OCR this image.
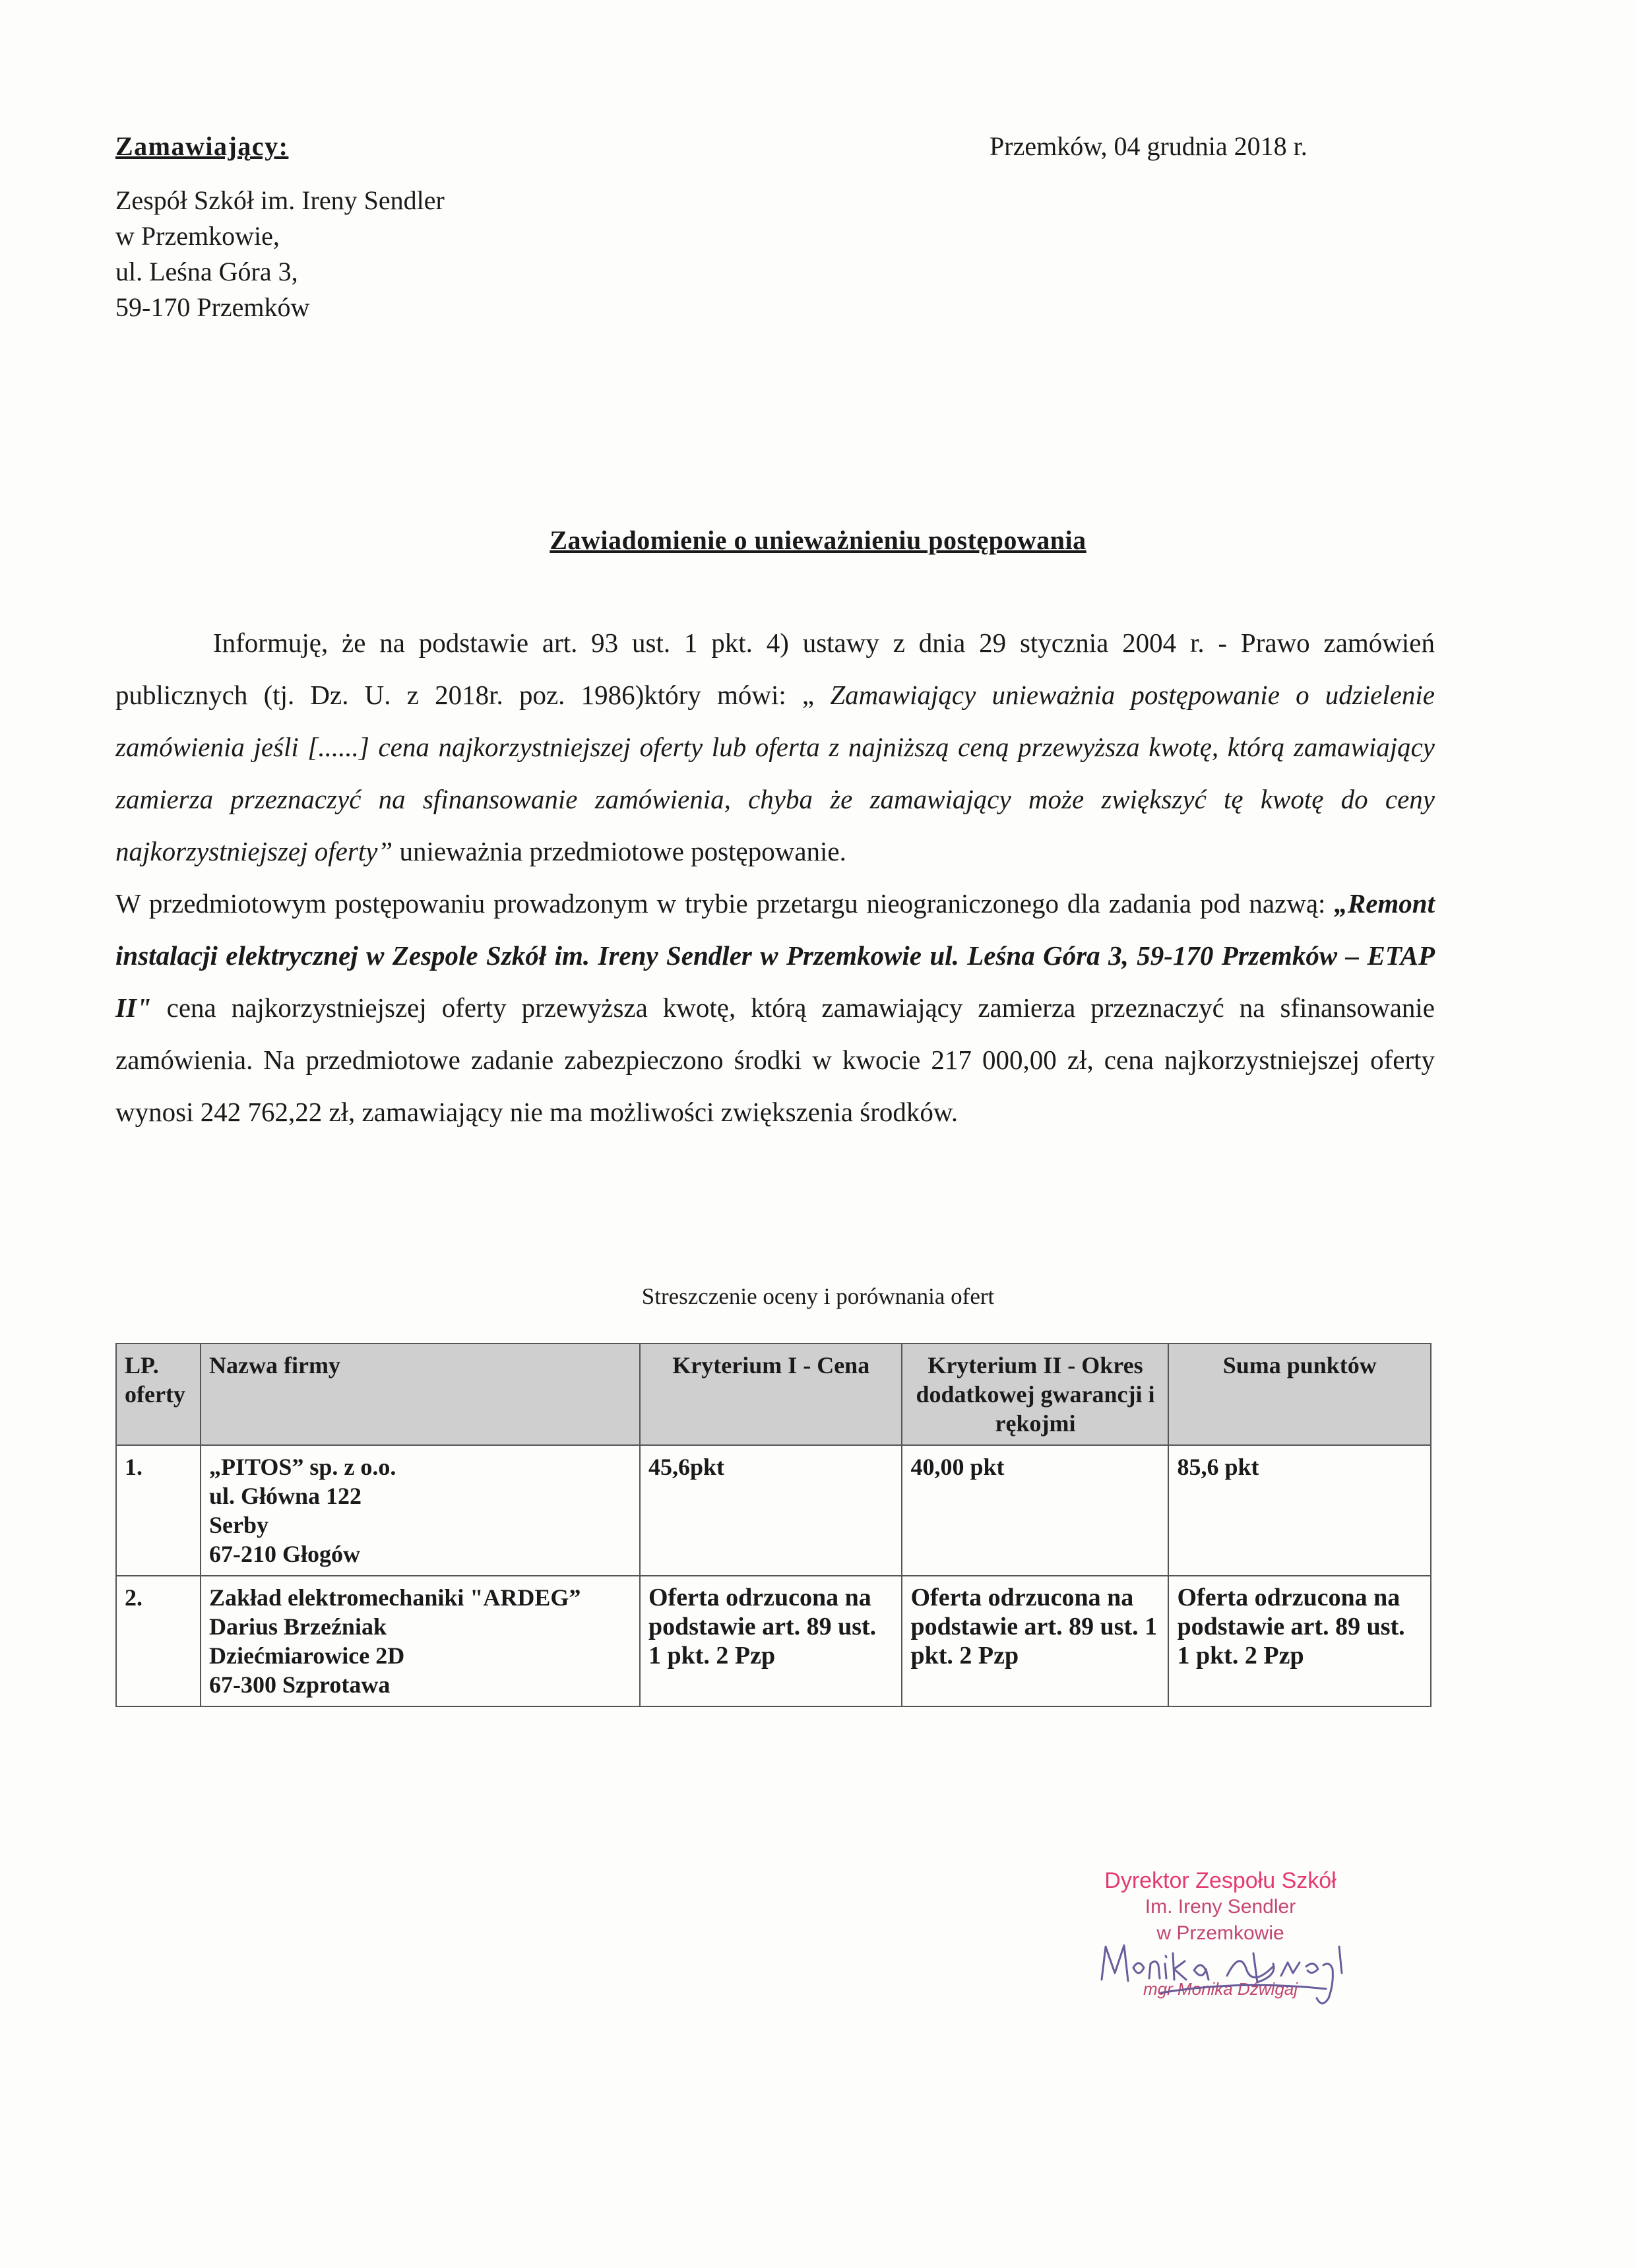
Zamawiający:
Zespół Szkół im. Ireny Sendler
w Przemkowie,
ul. Leśna Góra 3,
59-170 Przemków
Przemków, 04 grudnia 2018 r.
Zawiadomienie o unieważnieniu postępowania

Informuję, że na podstawie art. 93 ust. 1 pkt. 4) ustawy z dnia 29 stycznia 2004 r. - Prawo zamówień publicznych (tj. Dz. U. z 2018r. poz. 1986)który mówi: „ Zamawiający unieważnia postępowanie o udzielenie zamówienia jeśli [......] cena najkorzystniejszej oferty lub oferta z najniższą ceną przewyższa kwotę, którą zamawiający zamierza przeznaczyć na sfinansowanie zamówienia, chyba że zamawiający może zwiększyć tę kwotę do ceny najkorzystniejszej oferty” unieważnia przedmiotowe postępowanie.

W przedmiotowym postępowaniu prowadzonym w trybie przetargu nieograniczonego dla zadania pod nazwą: „Remont instalacji elektrycznej w Zespole Szkół im. Ireny Sendler w Przemkowie ul. Leśna Góra 3, 59-170 Przemków – ETAP II" cena najkorzystniejszej oferty przewyższa kwotę, którą zamawiający zamierza przeznaczyć na sfinansowanie zamówienia. Na przedmiotowe zadanie zabezpieczono środki w kwocie 217 000,00 zł, cena najkorzystniejszej oferty wynosi 242 762,22 zł, zamawiający nie ma możliwości zwiększenia środków.

Streszczenie oceny i porównania ofert
LP. oferty	Nazwa firmy	Kryterium I - Cena	Kryterium II - Okres dodatkowej gwarancji i rękojmi	Suma punktów
1.	„PITOS” sp. z o.o.
ul. Główna 122
Serby
67-210 Głogów	45,6pkt	40,00 pkt	85,6 pkt
2.	Zakład elektromechaniki "ARDEG”
Darius Brzeźniak
Dziećmiarowice 2D
67-300 Szprotawa	Oferta odrzucona na podstawie art. 89 ust. 1 pkt. 2 Pzp	Oferta odrzucona na podstawie art. 89 ust. 1 pkt. 2 Pzp	Oferta odrzucona na podstawie art. 89 ust. 1 pkt. 2 Pzp
Dyrektor Zespołu Szkół
Im. Ireny Sendler
w Przemkowie
mgr Monika Dźwigaj
